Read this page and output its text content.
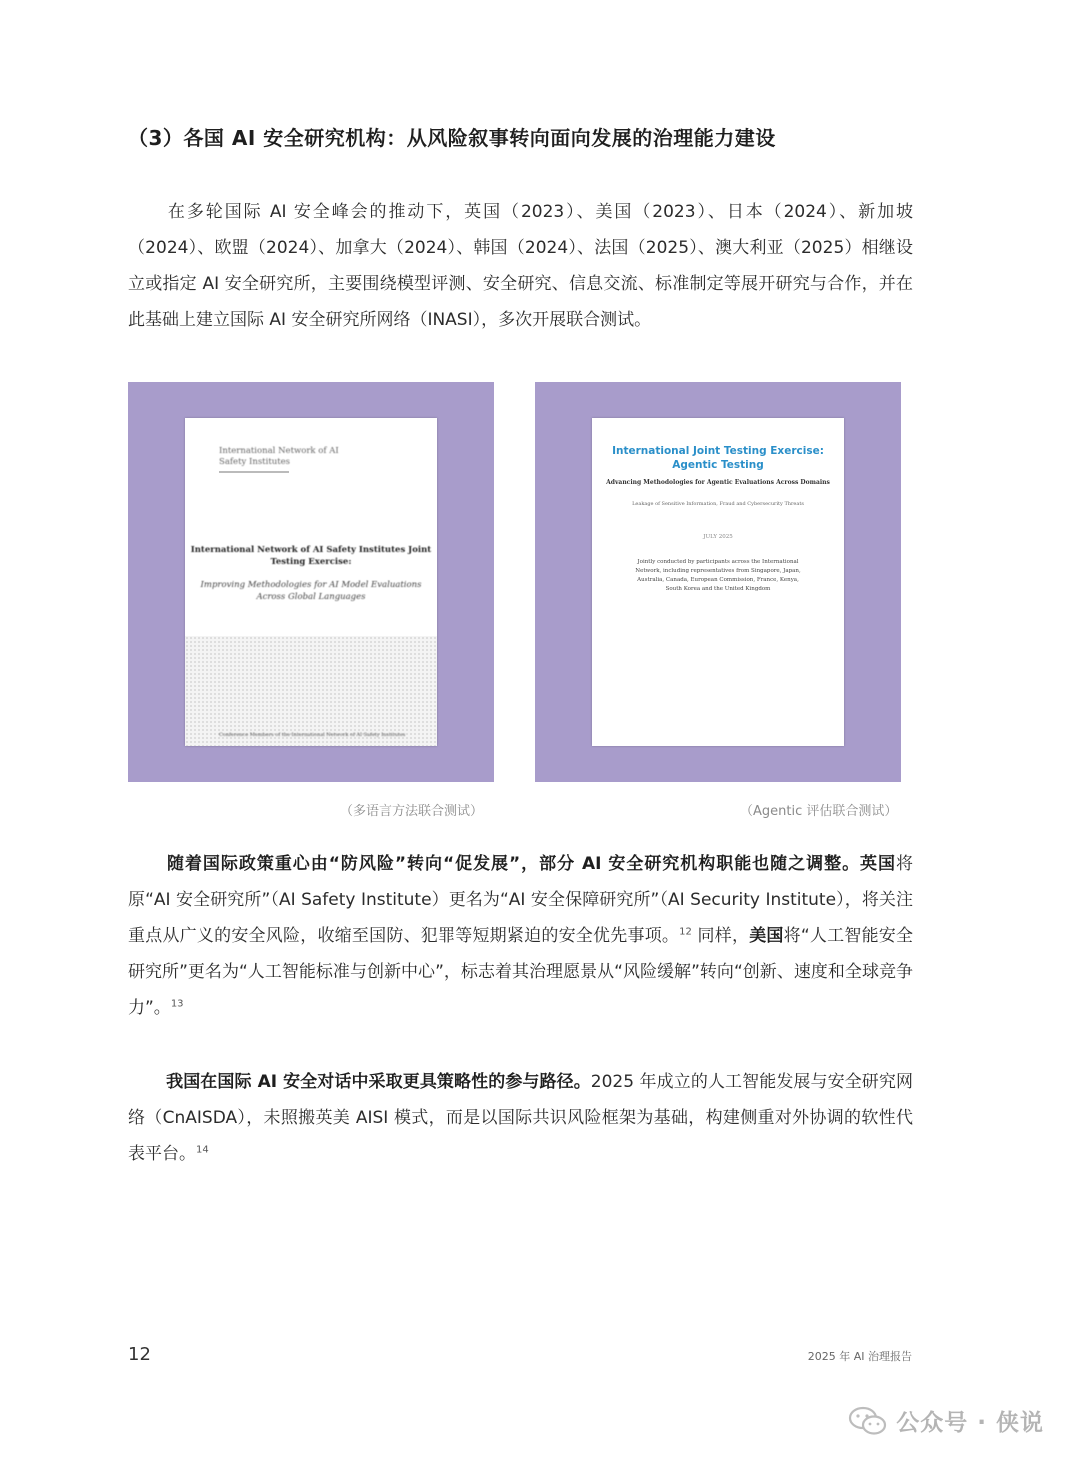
（3）各国 AI 安全研究机构：从风险叙事转向面向发展的治理能力建设

在多轮国际 AI 安全峰会的推动下，英国（2023）、美国（2023）、日本（2024）、新加坡（2024）、欧盟（2024）、加拿大（2024）、韩国（2024）、法国（2025）、澳大利亚（2025）相继设立或指定 AI 安全研究所，主要围绕模型评测、安全研究、信息交流、标准制定等展开研究与合作，并在此基础上建立国际 AI 安全研究所网络（INASI），多次开展联合测试。

International Network of AI Safety Institutes
International Network of AI Safety Institutes Joint Testing Exercise:
Improving Methodologies for AI Model Evaluations Across Global Languages
Conference Members of the International Network of AI Safety Institutes
International Joint Testing Exercise: Agentic Testing
Advancing Methodologies for Agentic Evaluations Across Domains
Leakage of Sensitive Information, Fraud and Cybersecurity Threats
JULY 2025
Jointly conducted by participants across the International Network, including representatives from Singapore, Japan, Australia, Canada, European Commission, France, Kenya, South Korea and the United Kingdom
（多语言方法联合测试）	（Agentic 评估联合测试）

随着国际政策重心由“防风险”转向“促发展”，部分 AI 安全研究机构职能也随之调整。英国将原“AI 安全研究所”（AI Safety Institute）更名为“AI 安全保障研究所”（AI Security Institute），将关注重点从广义的安全风险，收缩至国防、犯罪等短期紧迫的安全优先事项。$^{12}$ 同样，美国将“人工智能安全研究所”更名为“人工智能标准与创新中心”，标志着其治理愿景从“风险缓解”转向“创新、速度和全球竞争力”。$^{13}$

我国在国际 AI 安全对话中采取更具策略性的参与路径。2025 年成立的人工智能发展与安全研究网络（CnAISDA），未照搬英美 AISI 模式，而是以国际共识风险框架为基础，构建侧重对外协调的软性代表平台。$^{14}$

12	2025 年 AI 治理报告
公众号 · 侠说
